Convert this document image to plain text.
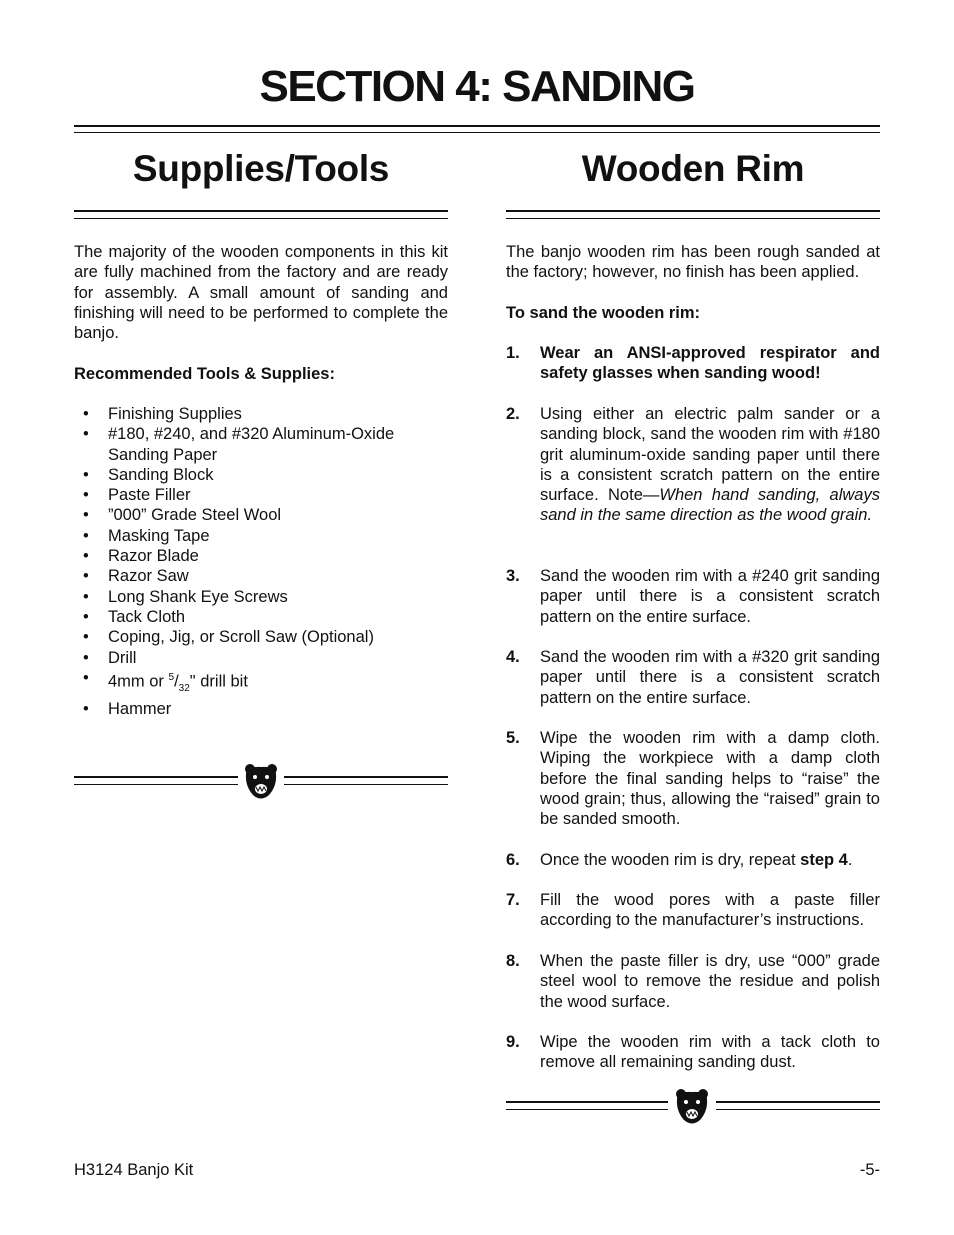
SECTION 4: SANDING
Supplies/Tools

The majority of the wooden components in this kit are fully machined from the factory and are ready for assembly. A small amount of sanding and finishing will need to be performed to complete the banjo.

Recommended Tools & Supplies:

• Finishing Supplies
• #180, #240, and #320 Aluminum-Oxide Sanding Paper
• Sanding Block
• Paste Filler
• ”000” Grade Steel Wool
• Masking Tape
• Razor Blade
• Razor Saw
• Long Shank Eye Screws
• Tack Cloth
• Coping, Jig, or Scroll Saw (Optional)
• Drill
• 4mm or $^5/_{32}$" drill bit
• Hammer
Wooden Rim

The banjo wooden rim has been rough sanded at the factory; however, no finish has been applied.

To sand the wooden rim:

1.	Wear an ANSI-approved respirator and safety glasses when sanding wood!
2.	Using either an electric palm sander or a sanding block, sand the wooden rim with #180 grit aluminum-oxide sanding paper until there is a consistent scratch pattern on the entire surface. Note—When hand sanding, always sand in the same direction as the wood grain.
3.	Sand the wooden rim with a #240 grit sanding paper until there is a consistent scratch pattern on the entire surface.
4.	Sand the wooden rim with a #320 grit sanding paper until there is a consistent scratch pattern on the entire surface.
5.	Wipe the wooden rim with a damp cloth. Wiping the workpiece with a damp cloth before the final sanding helps to “raise” the wood grain; thus, allowing the “raised” grain to be sanded smooth.
6.	Once the wooden rim is dry, repeat step 4.
7.	Fill the wood pores with a paste filler according to the manufacturer’s instructions.
8.	When the paste filler is dry, use “000” grade steel wool to remove the residue and polish the wood surface.
9.	Wipe the wooden rim with a tack cloth to remove all remaining sanding dust.
H3124 Banjo Kit	-5-
